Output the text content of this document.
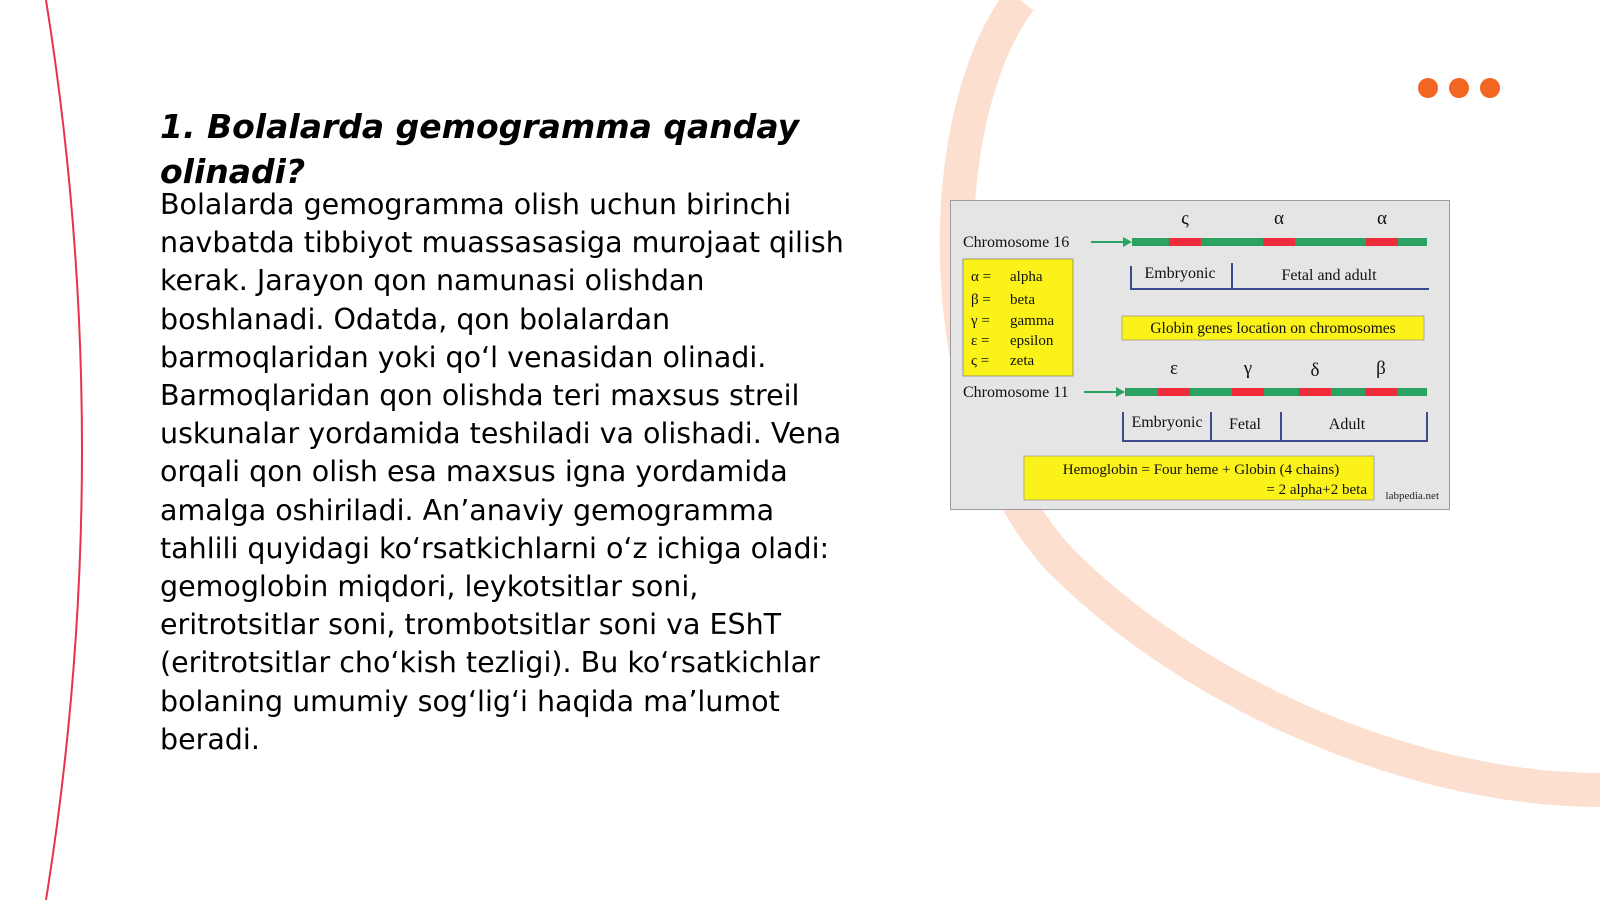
1. Bolalarda gemogramma qanday olinadi?

Bolalarda gemogramma olish uchun birinchi navbatda tibbiyot muassasasiga murojaat qilish kerak. Jarayon qon namunasi olishdan boshlanadi. Odatda, qon bolalardan barmoqlaridan yoki qo‘l venasidan olinadi. Barmoqlaridan qon olishda teri maxsus streil uskunalar yordamida teshiladi va olishadi. Vena orqali qon olish esa maxsus igna yordamida amalga oshiriladi. An’anaviy gemogramma tahlili quyidagi ko‘rsatkichlarni o‘z ichiga oladi: gemoglobin miqdori, leykotsitlar soni, eritrotsitlar soni, trombotsitlar soni va EShT (eritrotsitlar cho‘kish tezligi). Bu ko‘rsatkichlar bolaning umumiy sog‘lig‘i haqida ma’lumot beradi.

Chromosome 16
ς	α	α
α = alpha
β = beta
γ = gamma
ε = epsilon
ς = zeta
Embryonic	Fetal and adult
Globin genes location on chromosomes
Chromosome 11
ε	γ	δ	β
Embryonic Fetal	Adult
Hemoglobin = Four heme + Globin (4 chains)
= 2 alpha+2 beta labpedia.net
